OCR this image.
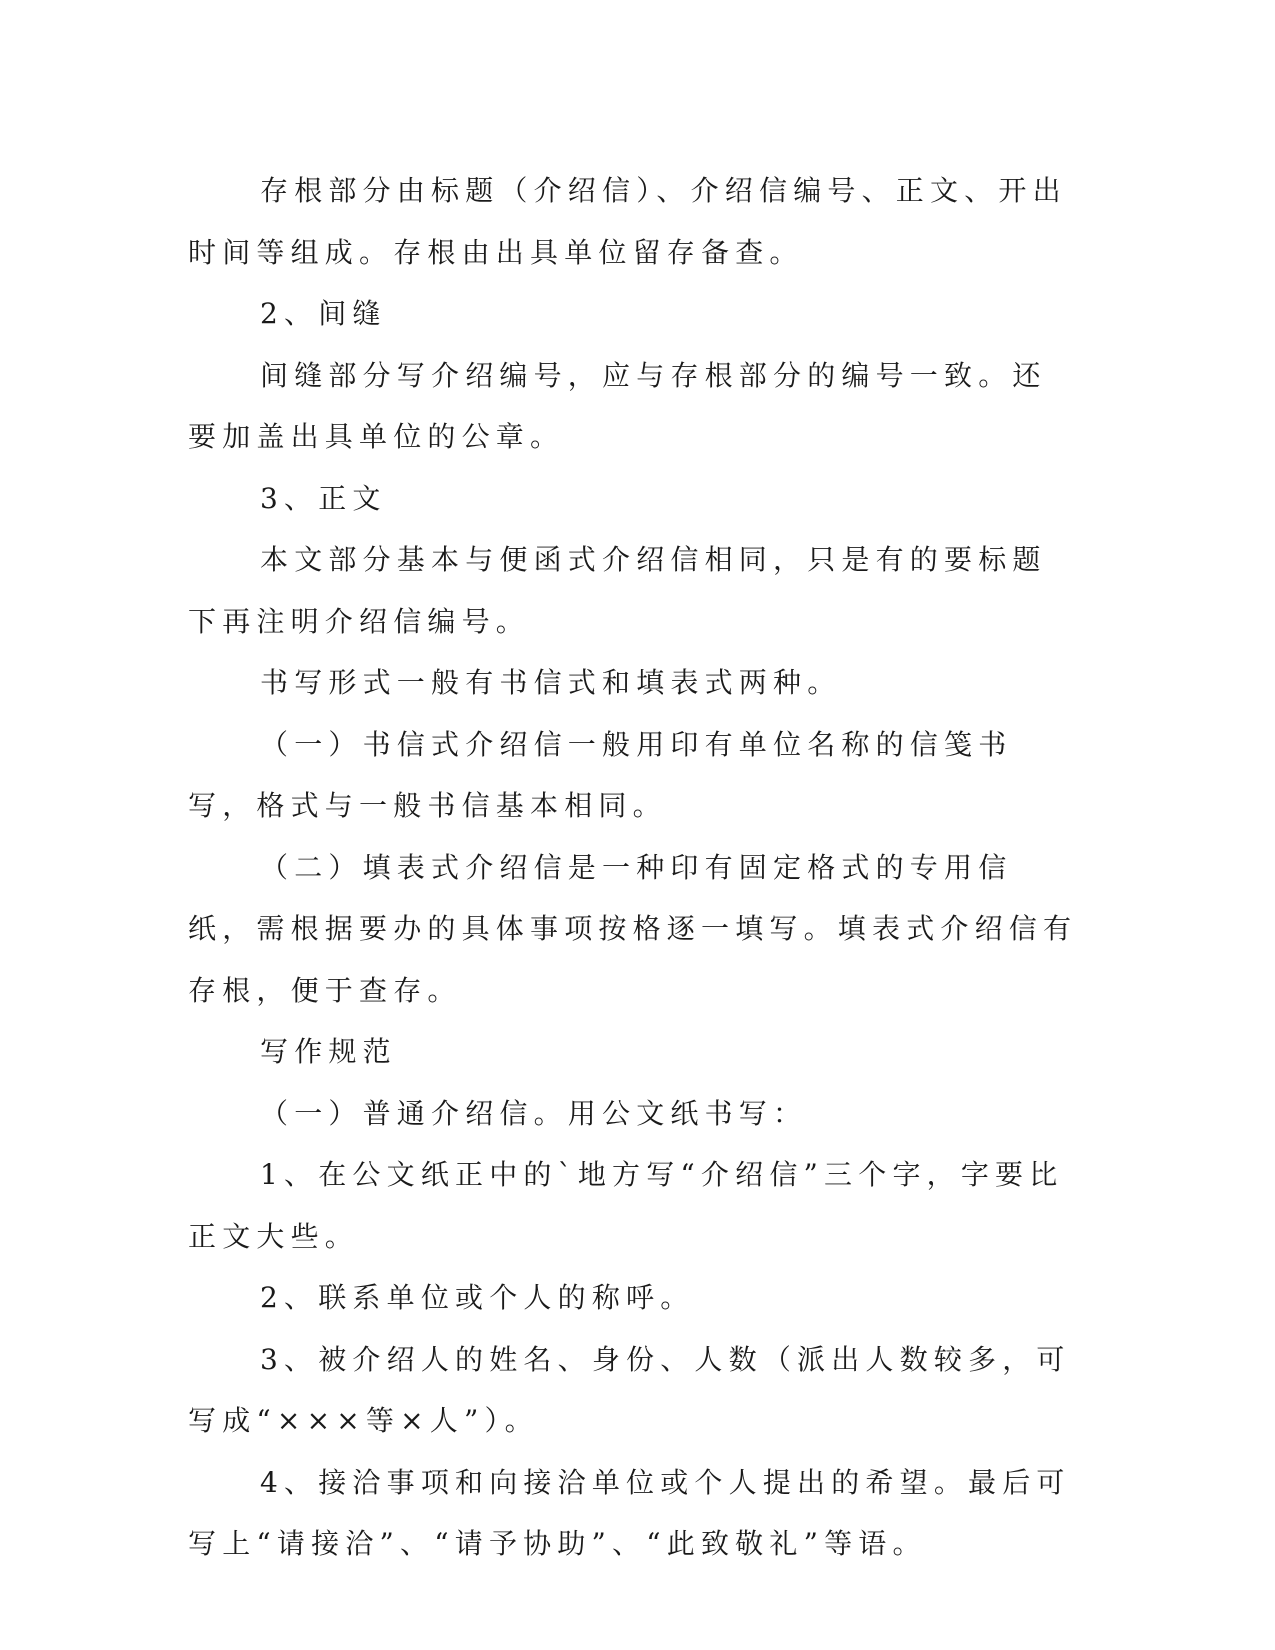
存根部分由标题（介绍信）、介绍信编号、正文、开出时间等组成。存根由出具单位留存备查。

2、间缝

间缝部分写介绍编号，应与存根部分的编号一致。还要加盖出具单位的公章。

3、正文

本文部分基本与便函式介绍信相同，只是有的要标题下再注明介绍信编号。

书写形式一般有书信式和填表式两种。

（一）书信式介绍信一般用印有单位名称的信笺书写，格式与一般书信基本相同。

（二）填表式介绍信是一种印有固定格式的专用信纸，需根据要办的具体事项按格逐一填写。填表式介绍信有存根，便于查存。

写作规范

（一）普通介绍信。用公文纸书写：

1、在公文纸正中的`地方写“介绍信”三个字，字要比正文大些。

2、联系单位或个人的称呼。

3、被介绍人的姓名、身份、人数（派出人数较多，可写成“×××等×人”）。

4、接洽事项和向接洽单位或个人提出的希望。最后可写上“请接洽”、“请予协助”、“此致敬礼”等语。
